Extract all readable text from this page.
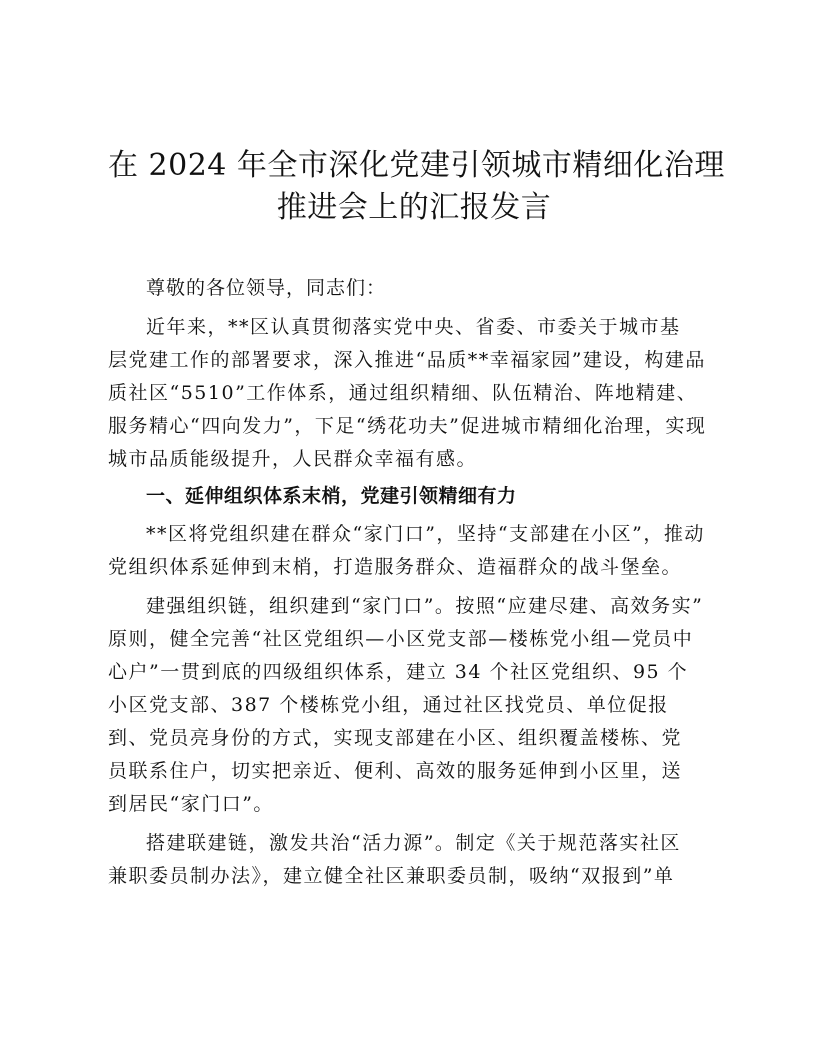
在 2024 年全市深化党建引领城市精细化治理
推进会上的汇报发言
尊敬的各位领导，同志们：
近年来，**区认真贯彻落实党中央、省委、市委关于城市基
层党建工作的部署要求，深入推进“品质**幸福家园”建设，构建品
质社区“5510”工作体系，通过组织精细、队伍精治、阵地精建、
服务精心“四向发力”，下足“绣花功夫”促进城市精细化治理，实现
城市品质能级提升，人民群众幸福有感。
一、延伸组织体系末梢，党建引领精细有力
**区将党组织建在群众“家门口”，坚持“支部建在小区”，推动
党组织体系延伸到末梢，打造服务群众、造福群众的战斗堡垒。
建强组织链，组织建到“家门口”。按照“应建尽建、高效务实”
原则，健全完善“社区党组织—小区党支部—楼栋党小组—党员中
心户”一贯到底的四级组织体系，建立 34 个社区党组织、95 个
小区党支部、387 个楼栋党小组，通过社区找党员、单位促报
到、党员亮身份的方式，实现支部建在小区、组织覆盖楼栋、党
员联系住户，切实把亲近、便利、高效的服务延伸到小区里，送
到居民“家门口”。
搭建联建链，激发共治“活力源”。制定《关于规范落实社区
兼职委员制办法》，建立健全社区兼职委员制，吸纳“双报到”单
